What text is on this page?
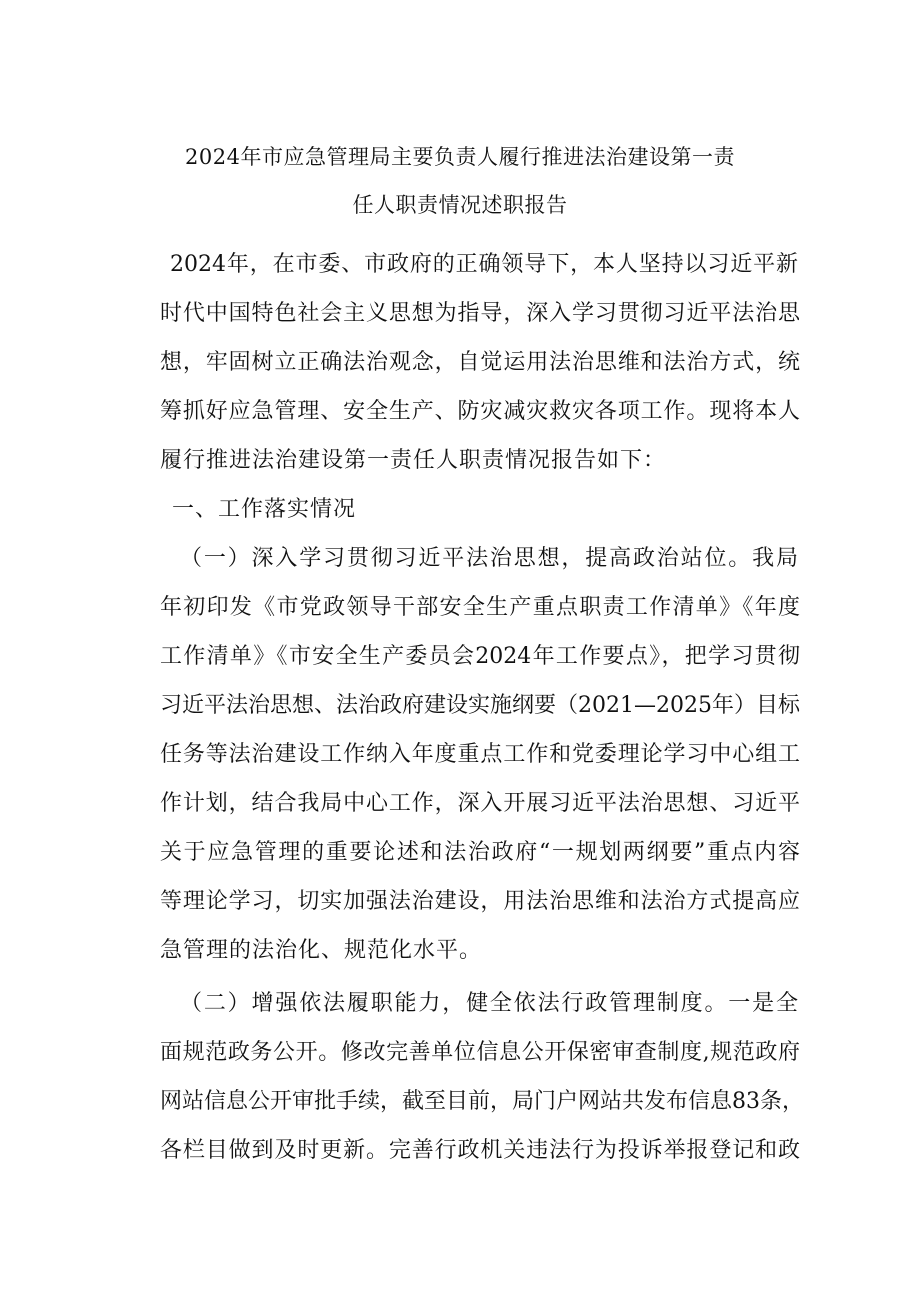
2024年市应急管理局主要负责人履行推进法治建设第一责
任人职责情况述职报告
2024年，在市委、市政府的正确领导下，本人坚持以习近平新
时代中国特色社会主义思想为指导，深入学习贯彻习近平法治思
想，牢固树立正确法治观念，自觉运用法治思维和法治方式，统
筹抓好应急管理、安全生产、防灾减灾救灾各项工作。现将本人
履行推进法治建设第一责任人职责情况报告如下：
一、工作落实情况
（一）深入学习贯彻习近平法治思想，提高政治站位。我局
年初印发《市党政领导干部安全生产重点职责工作清单》《年度
工作清单》《市安全生产委员会2024年工作要点》，把学习贯彻
习近平法治思想、法治政府建设实施纲要（2021—2025年）目标
任务等法治建设工作纳入年度重点工作和党委理论学习中心组工
作计划，结合我局中心工作，深入开展习近平法治思想、习近平
关于应急管理的重要论述和法治政府“一规划两纲要”重点内容
等理论学习，切实加强法治建设，用法治思维和法治方式提高应
急管理的法治化、规范化水平。
（二）增强依法履职能力，健全依法行政管理制度。一是全
面规范政务公开。修改完善单位信息公开保密审查制度,规范政府
网站信息公开审批手续，截至目前，局门户网站共发布信息83条，
各栏目做到及时更新。完善行政机关违法行为投诉举报登记和政
